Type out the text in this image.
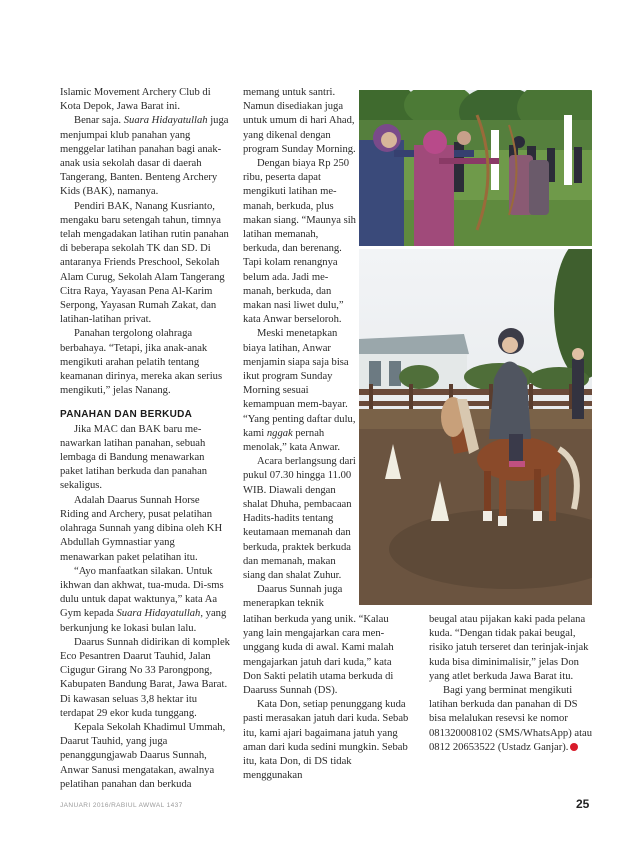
Islamic Movement Archery Club di Kota Depok, Jawa Barat ini.

Benar saja. Suara Hidayatullah juga menjumpai klub panahan yang menggelar latihan panahan bagi anak-anak usia sekolah dasar di daerah Tangerang, Banten. Benteng Archery Kids (BAK), namanya.

Pendiri BAK, Nanang Kusrianto, mengaku baru setengah tahun, timnya telah mengadakan latihan rutin panahan di beberapa sekolah TK dan SD. Di antaranya Friends Preschool, Sekolah Alam Curug, Sekolah Alam Tangerang Citra Raya, Yayasan Pena Al-Karim Serpong, Yayasan Rumah Zakat, dan latihan-latihan privat.

Panahan tergolong olahraga berbahaya. “Tetapi, jika anak-anak mengikuti arahan pelatih tentang keamanan dirinya, mereka akan serius mengikuti,” jelas Nanang.

PANAHAN DAN BERKUDA

Jika MAC dan BAK baru me-nawarkan latihan panahan, sebuah lembaga di Bandung menawarkan paket latihan berkuda dan panahan sekaligus.

Adalah Daarus Sunnah Horse Riding and Archery, pusat pelatihan olahraga Sunnah yang dibina oleh KH Abdullah Gymnastiar yang menawarkan paket pelatihan itu.

“Ayo manfaatkan silakan. Untuk ikhwan dan akhwat, tua-muda. Di-sms dulu untuk dapat waktunya,” kata Aa Gym kepada Suara Hidayatullah, yang berkunjung ke lokasi bulan lalu.

Daarus Sunnah didirikan di komplek Eco Pesantren Daarut Tauhid, Jalan Cigugur Girang No 33 Parongpong, Kabupaten Bandung Barat, Jawa Barat. Di kawasan seluas 3,8 hektar itu terdapat 29 ekor kuda tunggang.

Kepala Sekolah Khadimul Ummah, Daarut Tauhid, yang juga penanggungjawab Daarus Sunnah, Anwar Sanusi mengatakan, awalnya pelatihan panahan dan berkuda

memang untuk santri. Namun disediakan juga untuk umum di hari Ahad, yang dikenal dengan program Sunday Morning.

Dengan biaya Rp 250 ribu, peserta dapat mengikuti latihan me-manah, berkuda, plus makan siang. “Maunya sih latihan memanah, berkuda, dan berenang. Tapi kolam renangnya belum ada. Jadi me-manah, berkuda, dan makan nasi liwet dulu,” kata Anwar berseloroh.

Meski menetapkan biaya latihan, Anwar menjamin siapa saja bisa ikut program Sunday Morning sesuai kemampuan mem-bayar. “Yang penting daftar dulu, kami nggak pernah menolak,” kata Anwar.

Acara berlangsung dari pukul 07.30 hingga 11.00 WIB. Diawali dengan shalat Dhuha, pembacaan Hadits-hadits tentang keutamaan memanah dan berkuda, praktek berkuda dan memanah, makan siang dan shalat Zuhur.

Daarus Sunnah juga menerapkan teknik

latihan berkuda yang unik. “Kalau yang lain mengajarkan cara men-unggang kuda di awal. Kami malah mengajarkan jatuh dari kuda,” kata Don Sakti pelatih utama berkuda di Daaruss Sunnah (DS).

Kata Don, setiap penunggang kuda pasti merasakan jatuh dari kuda. Sebab itu, kami ajari bagaimana jatuh yang aman dari kuda sedini mungkin. Sebab itu, kata Don, di DS tidak menggunakan

beugal atau pijakan kaki pada pelana kuda. “Dengan tidak pakai beugal, risiko jatuh terseret dan terinjak-injak kuda bisa diminimalisir,” jelas Don yang atlet berkuda Jawa Barat itu.

Bagi yang berminat mengikuti latihan berkuda dan panahan di DS bisa melalukan resevsi ke nomor 081320008102 (SMS/WhatsApp) atau 0812 20653522 (Ustadz Ganjar).

JANUARI 2016/RABIUL AWWAL 1437	25
